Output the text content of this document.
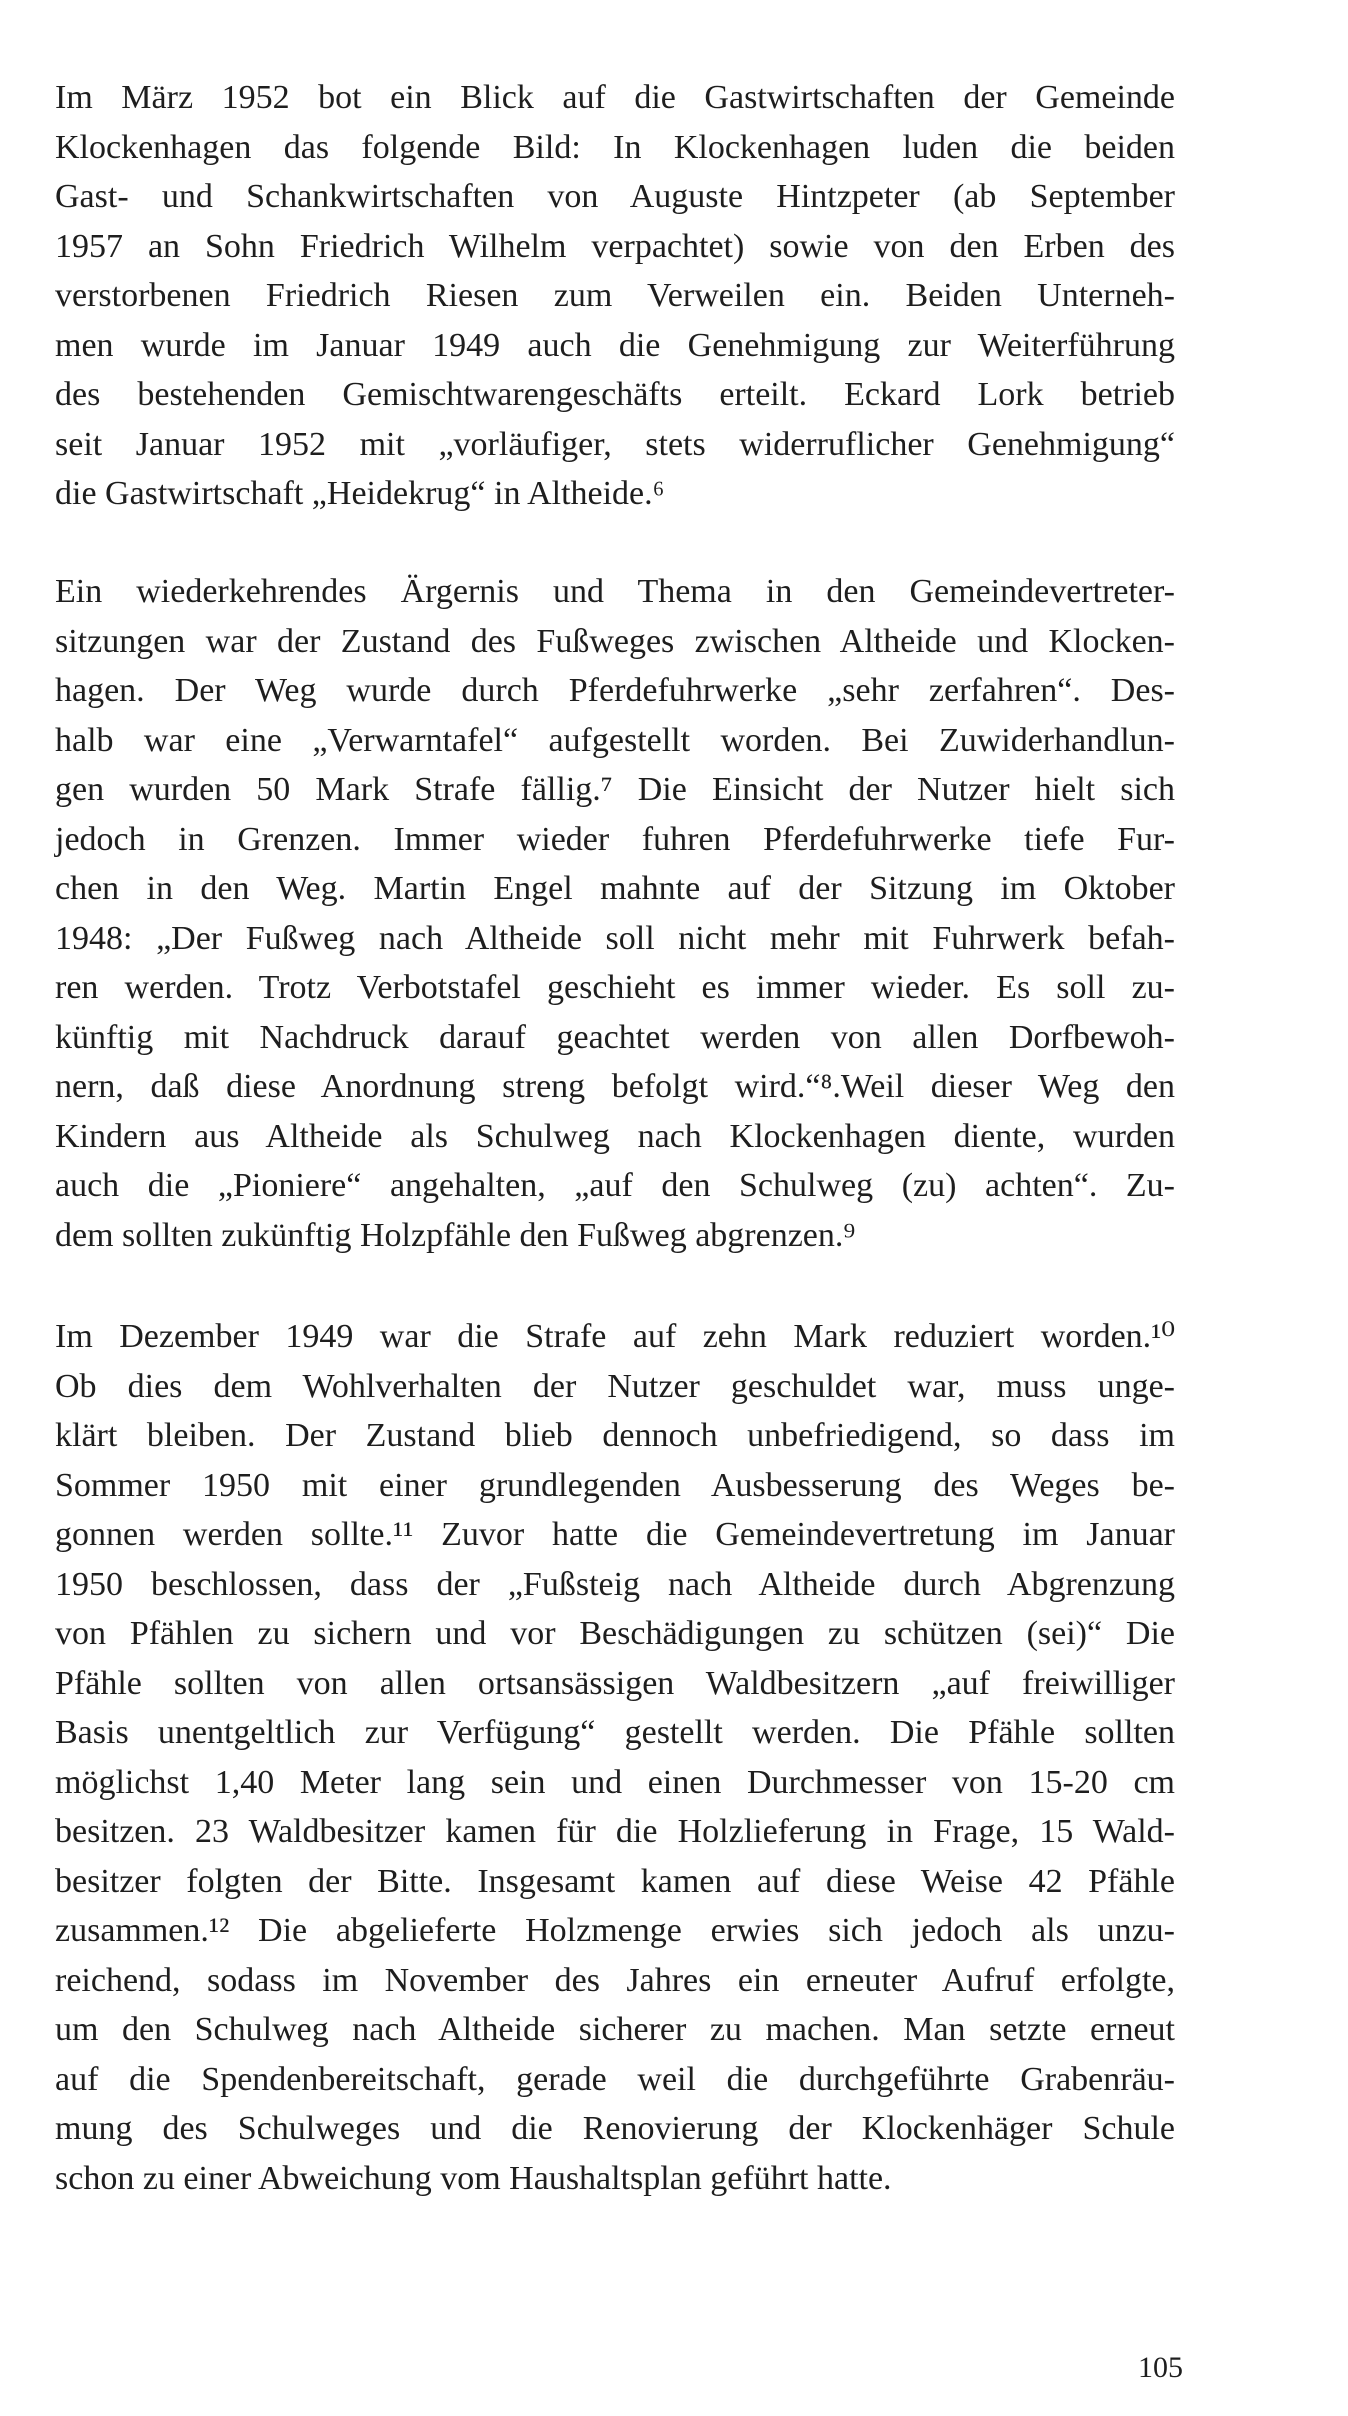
Im März 1952 bot ein Blick auf die Gastwirtschaften der Gemeinde
Klockenhagen das folgende Bild: In Klockenhagen luden die beiden
Gast- und Schankwirtschaften von Auguste Hintzpeter (ab September
1957 an Sohn Friedrich Wilhelm verpachtet) sowie von den Erben des
verstorbenen Friedrich Riesen zum Verweilen ein. Beiden Unterneh-
men wurde im Januar 1949 auch die Genehmigung zur Weiterführung
des bestehenden Gemischtwarengeschäfts erteilt. Eckard Lork betrieb
seit Januar 1952 mit „vorläufiger, stets widerruflicher Genehmigung“
die Gastwirtschaft „Heidekrug“ in Altheide.⁶
Ein wiederkehrendes Ärgernis und Thema in den Gemeindevertreter-
sitzungen war der Zustand des Fußweges zwischen Altheide und Klocken-
hagen. Der Weg wurde durch Pferdefuhrwerke „sehr zerfahren“. Des-
halb war eine „Verwarntafel“ aufgestellt worden. Bei Zuwiderhandlun-
gen wurden 50 Mark Strafe fällig.⁷ Die Einsicht der Nutzer hielt sich
jedoch in Grenzen. Immer wieder fuhren Pferdefuhrwerke tiefe Fur-
chen in den Weg. Martin Engel mahnte auf der Sitzung im Oktober
1948: „Der Fußweg nach Altheide soll nicht mehr mit Fuhrwerk befah-
ren werden. Trotz Verbotstafel geschieht es immer wieder. Es soll zu-
künftig mit Nachdruck darauf geachtet werden von allen Dorfbewoh-
nern, daß diese Anordnung streng befolgt wird.“⁸.Weil dieser Weg den
Kindern aus Altheide als Schulweg nach Klockenhagen diente, wurden
auch die „Pioniere“ angehalten, „auf den Schulweg (zu) achten“. Zu-
dem sollten zukünftig Holzpfähle den Fußweg abgrenzen.⁹
Im Dezember 1949 war die Strafe auf zehn Mark reduziert worden.¹⁰
Ob dies dem Wohlverhalten der Nutzer geschuldet war, muss unge-
klärt bleiben. Der Zustand blieb dennoch unbefriedigend, so dass im
Sommer 1950 mit einer grundlegenden Ausbesserung des Weges be-
gonnen werden sollte.¹¹ Zuvor hatte die Gemeindevertretung im Januar
1950 beschlossen, dass der „Fußsteig nach Altheide durch Abgrenzung
von Pfählen zu sichern und vor Beschädigungen zu schützen (sei)“ Die
Pfähle sollten von allen ortsansässigen Waldbesitzern „auf freiwilliger
Basis unentgeltlich zur Verfügung“ gestellt werden. Die Pfähle sollten
möglichst 1,40 Meter lang sein und einen Durchmesser von 15-20 cm
besitzen. 23 Waldbesitzer kamen für die Holzlieferung in Frage, 15 Wald-
besitzer folgten der Bitte. Insgesamt kamen auf diese Weise 42 Pfähle
zusammen.¹² Die abgelieferte Holzmenge erwies sich jedoch als unzu-
reichend, sodass im November des Jahres ein erneuter Aufruf erfolgte,
um den Schulweg nach Altheide sicherer zu machen. Man setzte erneut
auf die Spendenbereitschaft, gerade weil die durchgeführte Grabenräu-
mung des Schulweges und die Renovierung der Klockenhäger Schule
schon zu einer Abweichung vom Haushaltsplan geführt hatte.
105
